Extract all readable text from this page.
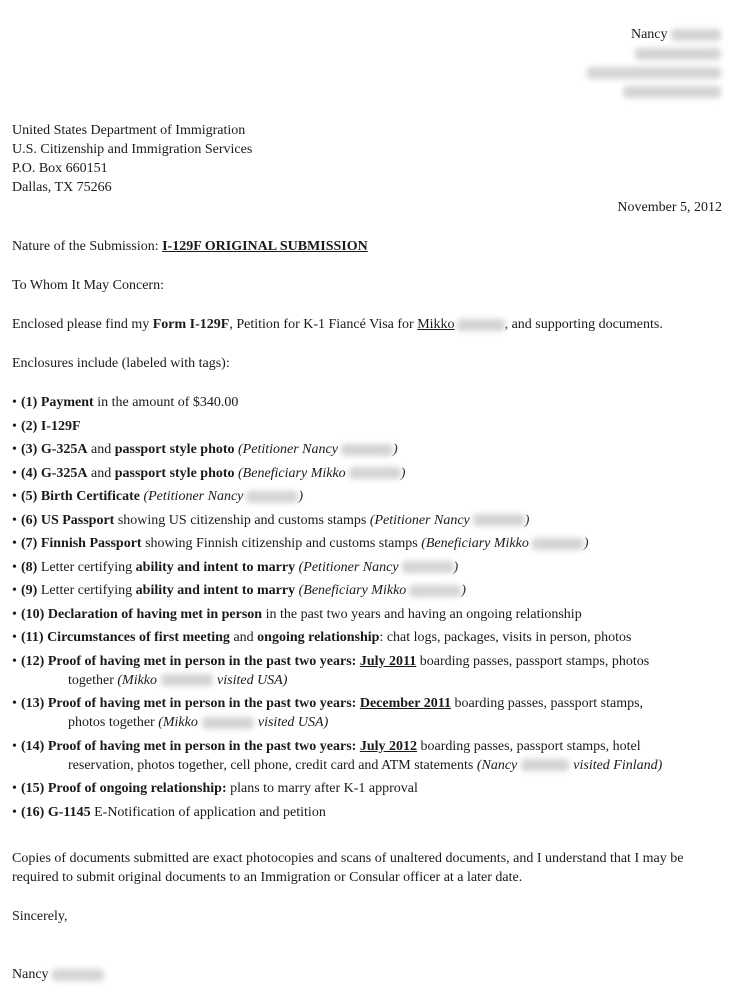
Nancy
United States Department of Immigration
U.S. Citizenship and Immigration Services
P.O. Box 660151
Dallas, TX 75266
November 5, 2012
Nature of the Submission: I-129F ORIGINAL SUBMISSION
To Whom It May Concern:
Enclosed please find my Form I-129F, Petition for K-1 Fiancé Visa for Mikko	, and supporting documents.
Enclosures include (labeled with tags):
• (1) Payment in the amount of $340.00
• (2) I-129F
• (3) G-325A and passport style photo (Petitioner Nancy	)
• (4) G-325A and passport style photo (Beneficiary Mikko	)
• (5) Birth Certificate (Petitioner Nancy	)
• (6) US Passport showing US citizenship and customs stamps (Petitioner Nancy	)
• (7) Finnish Passport showing Finnish citizenship and customs stamps (Beneficiary Mikko	)
• (8) Letter certifying ability and intent to marry (Petitioner Nancy	)
• (9) Letter certifying ability and intent to marry (Beneficiary Mikko	)
• (10) Declaration of having met in person in the past two years and having an ongoing relationship
• (11) Circumstances of first meeting and ongoing relationship: chat logs, packages, visits in person, photos
• (12) Proof of having met in person in the past two years: July 2011 boarding passes, passport stamps, photos
together (Mikko	visited USA)
• (13) Proof of having met in person in the past two years: December 2011 boarding passes, passport stamps,
photos together (Mikko	visited USA)
• (14) Proof of having met in person in the past two years: July 2012 boarding passes, passport stamps, hotel
reservation, photos together, cell phone, credit card and ATM statements (Nancy	visited Finland)
• (15) Proof of ongoing relationship: plans to marry after K-1 approval
• (16) G-1145 E-Notification of application and petition
Copies of documents submitted are exact photocopies and scans of unaltered documents, and I understand that I may be required to submit original documents to an Immigration or Consular officer at a later date.
Sincerely,
Nancy
